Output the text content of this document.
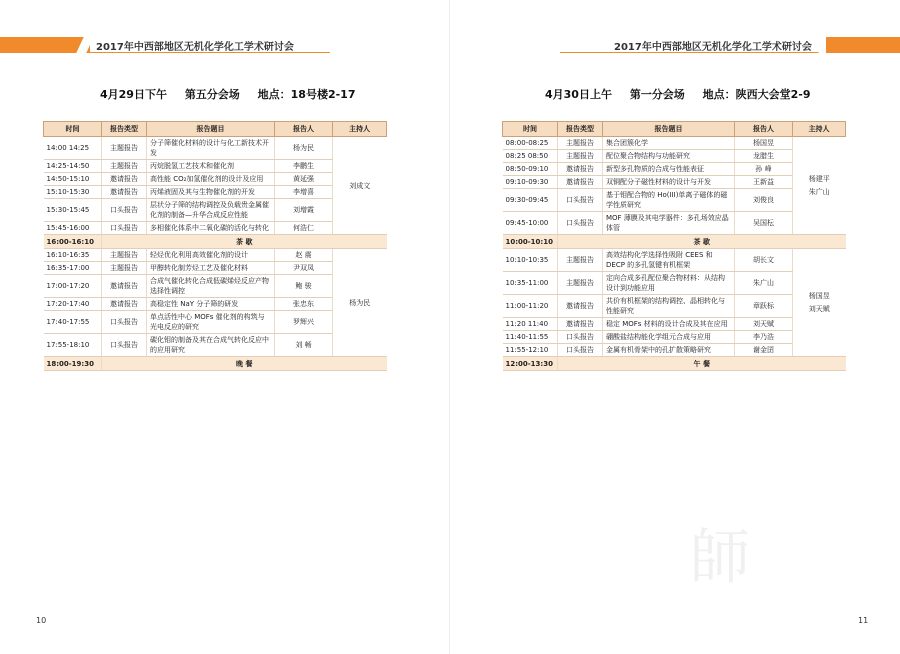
2017年中西部地区无机化学化工学术研讨会	2017年中西部地区无机化学化工学术研讨会
4月29日下午 第五分会场 地点：18号楼2-17	4月30日上午 第一分会场 地点：陕西大会堂2-9
时间	报告类型	报告题目	报告人	主持人
14:00 14:25	主题报告	分子筛催化材料的设计与化工新技术开发	杨为民	刘成文

14:25-14:50	主题报告	丙烷脱氢工艺技术和催化剂	李鹏生	
14:50-15:10	邀请报告	高性能 CO₂加氢催化剂的设计及应用	黄延强	
15:10-15:30	邀请报告	丙烯液固及其与生物催化剂的开发	李增喜	
15:30-15:45	口头报告	层状分子筛的结构调控及负载贵金属催化剂的制备—升华合成反应性能	刘增霞	
15:45-16:00	口头报告	多相催化体系中二氧化碳的活化与转化	何浩仁	
16:00-16:10	茶 歇			
16:10-16:35	主题报告	轻烃优化利用高效催化剂的设计	赵 震	杨为民

16:35-17:00	主题报告	甲醇转化制芳烃工艺及催化材料	尹双凤	
17:00-17:20	邀请报告	合成气催化转化合成低碳烯烃反应产物选择性调控	鲍 骏	
17:20-17:40	邀请报告	高稳定性 NaY 分子筛的研发	张忠东	
17:40-17:55	口头报告	单点活性中心 MOFs 催化剂的构筑与光电反应的研究	罗辉兴	
17:55-18:10	口头报告	碳化钼的制备及其在合成气转化反应中的应用研究	刘 畅	
18:00-19:30	晚 餐			
时间	报告类型	报告题目	报告人	主持人
08:00-08:25	主题报告	集合团簇化学	杨国昱	杨建平
朱广山

08:25 08:50	主题报告	配位聚合物结构与功能研究	龙腊生	
08:50-09:10	邀请报告	新型多孔物质的合成与性能表征	孙 峰	
09:10-09:30	邀请报告	双铜配分子磁性材料的设计与开发	王新益	
09:30-09:45	口头报告	基于钼配合物的 Ho(III)单离子磁体的磁学性质研究	刘俊良	
09:45-10:00	口头报告	MOF 薄膜及其电学器件：多孔场效应晶体管	吴国枟	
10:00-10:10	茶 歇			
10:10-10:35	主题报告	高效结构化学选择性吸附 CEES 和 DECP 的多孔氢键有机框架	胡长文	杨国昱
刘天赋

10:35-11:00	主题报告	定向合成多孔配位聚合物材料：从结构设计到功能应用	朱广山	
11:00-11:20	邀请报告	共价有机框架的结构调控、晶相转化与性能研究	章跃标	
11:20 11:40	邀请报告	稳定 MOFs 材料的设计合成及其在应用	刘天赋	
11:40-11:55	口头报告	硼酸盐结构能化学组元合成与应用	李乃浩	
11:55-12:10	口头报告	金属有机骨架中的孔扩散策略研究	谢金囝	
12:00-13:30	午 餐			
師
10	11
